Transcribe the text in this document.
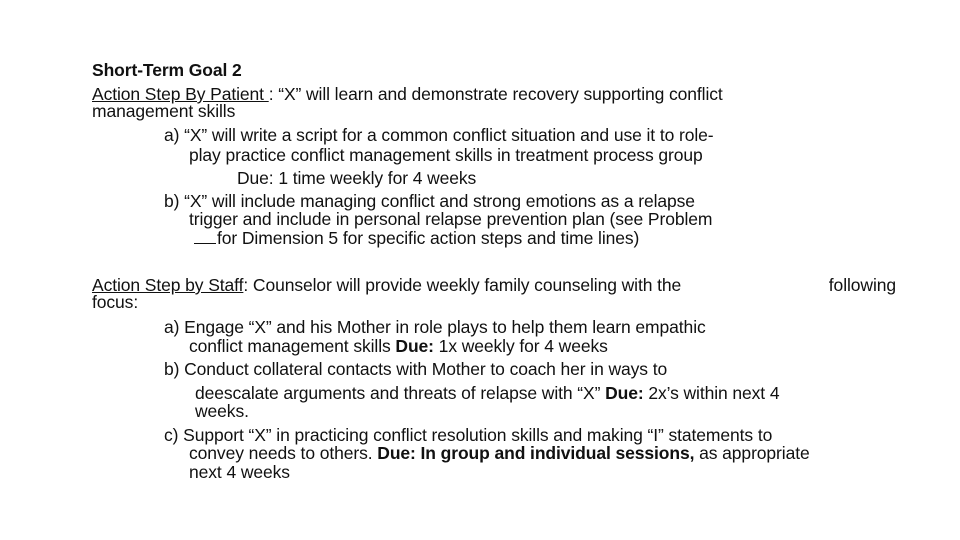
Short-Term Goal 2
Action Step By Patient : “X” will learn and demonstrate recovery supporting conflict
management skills
a) “X” will write a script for a common conflict situation and use it to role-
play practice conflict management skills in treatment process group
Due: 1 time weekly for 4 weeks
b) “X” will include managing conflict and strong emotions as a relapse
trigger and include in personal relapse prevention plan (see Problem
for Dimension 5 for specific action steps and time lines)
Action Step by Staff: Counselor will provide weekly family counseling with the	following
focus:
a) Engage “X” and his Mother in role plays to help them learn empathic
conflict management skills Due: 1x weekly for 4 weeks
b) Conduct collateral contacts with Mother to coach her in ways to
deescalate arguments and threats of relapse with “X” Due: 2x’s within next 4
weeks.
c) Support “X” in practicing conflict resolution skills and making “I” statements to
convey needs to others. Due: In group and individual sessions, as appropriate
next 4 weeks
